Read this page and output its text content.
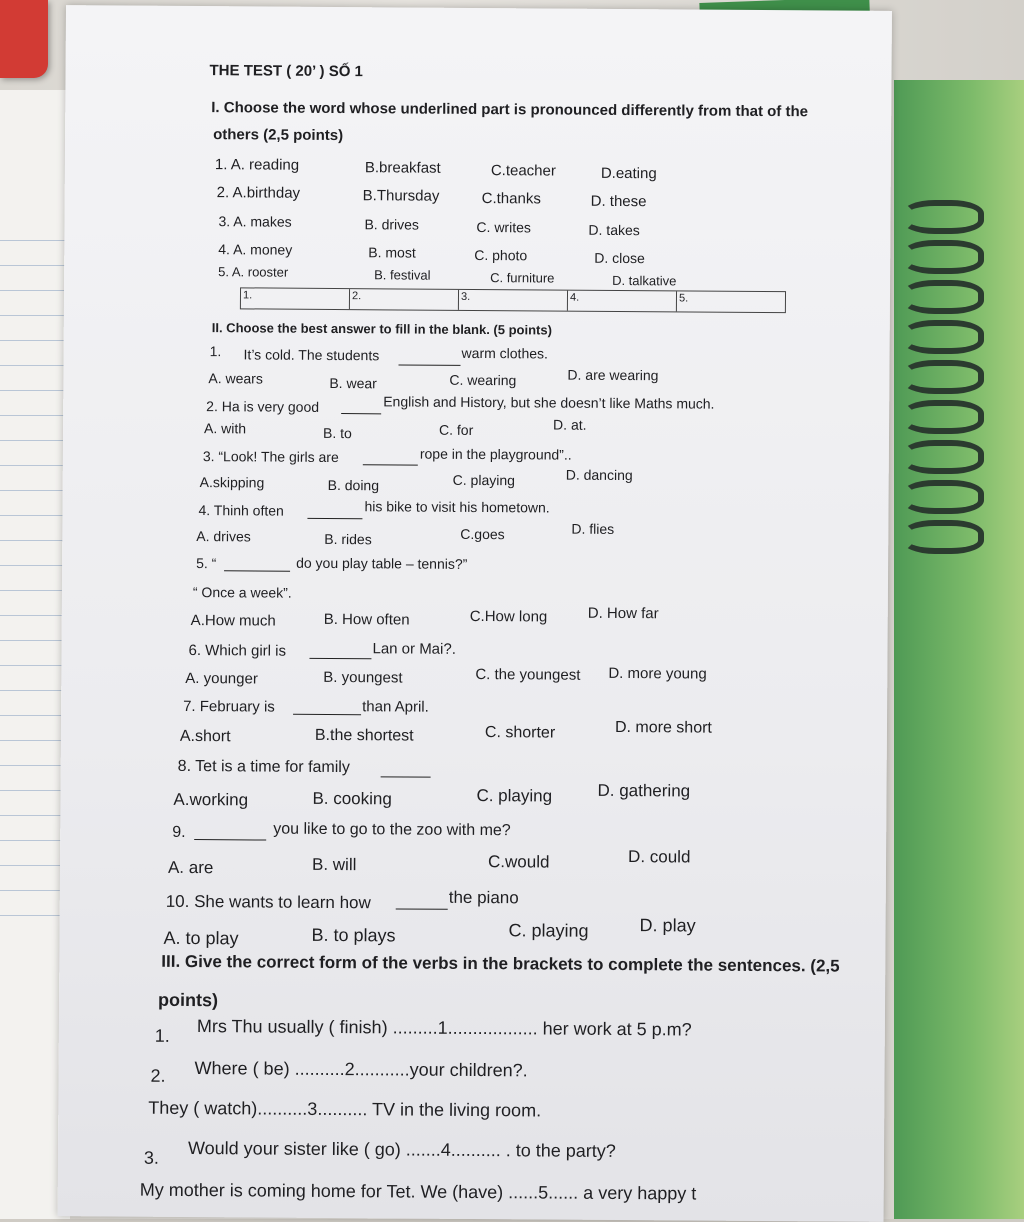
THE TEST ( 20’ ) SỐ 1
I. Choose the word whose underlined part is pronounced differently from that of the
others (2,5 points)
1. A. reading	B.breakfast	C.teacher	D.eating
2. A.birthday	B.Thursday	C.thanks	D. these
3. A. makes	B. drives	C. writes	D. takes
4. A. money	B. most	C. photo	D. close
5. A. rooster	B. festival	C. furniture	D. talkative
1.	2.	3.	4.	5.
II. Choose the best answer to fill in the blank. (5 points)
1. It’s cold. The students	warm clothes.
A. wears	B. wear	C. wearing	D. are wearing
2. Ha is very good	English and History, but she doesn’t like Maths much.
A. with	B. to	C. for	D. at.
3. “Look! The girls are	rope in the playground”..
A.skipping	B. doing	C. playing	D. dancing
4. Thinh often	his bike to visit his hometown.
A. drives	B. rides	C.goes	D. flies
5. “	do you play table – tennis?”
“ Once a week”.
A.How much	B. How often	C.How long	D. How far
6. Which girl is	Lan or Mai?.
A. younger	B. youngest	C. the youngest D. more young
7. February is	than April.
A.short	B.the shortest	C. shorter	D. more short
8. Tet is a time for family
A.working	B. cooking	C. playing	D. gathering
9.	you like to go to the zoo with me?
A. are	B. will	C.would	D. could
10. She wants to learn how	the piano
A. to play	B. to plays	C. playing	D. play
III. Give the correct form of the verbs in the brackets to complete the sentences. (2,5
points)
1. Mrs Thu usually ( finish) .........1.................. her work at 5 p.m?
2. Where ( be) ..........2...........your children?.
They ( watch)..........3.......... TV in the living room.
3. Would your sister like ( go) .......4.......... . to the party?
My mother is coming home for Tet. We (have) ......5...... a very happy t
